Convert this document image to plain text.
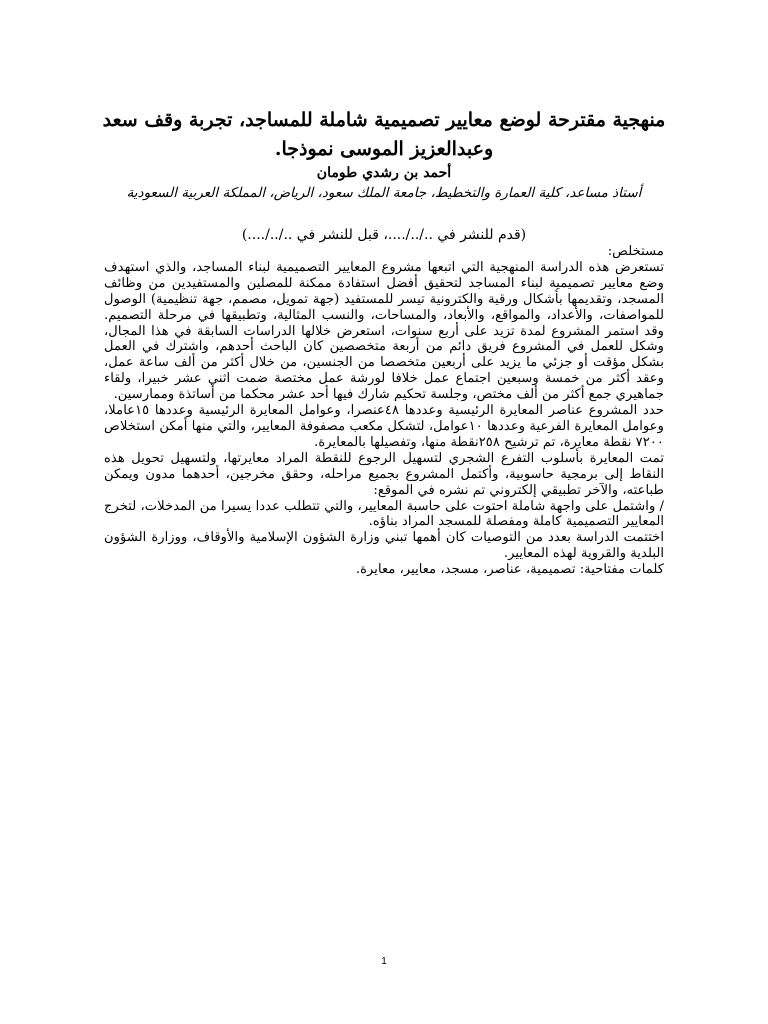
منهجية مقترحة لوضع معايير تصميمية شاملة للمساجد، تجربة وقف سعد وعبدالعزيز الموسى نموذجا.
أحمد بن رشدي طومان
أستاذ مساعد، كلية العمارة والتخطيط، جامعة الملك سعود، الرياض، المملكة العربية السعودية
(قدم للنشر في ../../....، قبل للنشر في ../../....)

مستخلص:

تستعرض هذه الدراسة المنهجية التي اتبعها مشروع المعايير التصميمية لبناء المساجد، والذي استهدف وضع معايير تصميمية لبناء المساجد لتحقيق أفضل استفادة ممكنة للمصلين والمستفيدين من وظائف المسجد، وتقديمها بأشكال ورقية والكترونية تيسر للمستفيد (جهة تمويل، مصمم، جهة تنظيمية) الوصول للمواصفات، والأعداد، والمواقع، والأبعاد، والمساحات، والنسب المثالية، وتطبيقها في مرحلة التصميم. وقد استمر المشروع لمدة تزيد على أربع سنوات، استعرض خلالها الدراسات السابقة في هذا المجال، وشكل للعمل في المشروع فريق دائم من أربعة متخصصين كان الباحث أحدهم، واشترك في العمل بشكل مؤقت أو جزئي ما يزيد على أربعين متخصصا من الجنسين، من خلال أكثر من ألف ساعة عمل، وعقد أكثر من خمسة وسبعين اجتماع عمل خلافا لورشة عمل مختصة ضمت اثني عشر خبيرا، ولقاء جماهيري جمع أكثر من ألف مختص، وجلسة تحكيم شارك فيها أحد عشر محكما من أساتذة وممارسين.

حدد المشروع عناصر المعايرة الرئيسية وعددها ٤٨عنصرا، وعوامل المعايرة الرئيسية وعددها ١٥عاملا، وعوامل المعايرة الفرعية وعددها ١٠عوامل، لتشكل مكعب مصفوفة المعايير، والتي منها أمكن استخلاص ٧٢٠٠ نقطة معايرة، تم ترشيح ٢٥٨نقطة منها، وتفصيلها بالمعايرة.

تمت المعايرة بأسلوب التفرع الشجري لتسهيل الرجوع للنقطة المراد معايرتها، ولتسهيل تحويل هذه النقاط إلى برمجية حاسوبية، وأكتمل المشروع بجميع مراحله، وحقق مخرجين، أحدهما مدون ويمكن طباعته، والآخر تطبيقي إلكتروني تم نشره في الموقع:

/ واشتمل على واجهة شاملة احتوت على حاسبة المعايير، والتي تتطلب عددا يسيرا من المدخلات، لتخرج المعايير التصميمية كاملة ومفصلة للمسجد المراد بناؤه.

اختتمت الدراسة بعدد من التوصيات كان أهمها تبني وزارة الشؤون الإسلامية والأوقاف، ووزارة الشؤون البلدية والقروية لهذه المعايير.

كلمات مفتاحية: تصميمية، عناصر، مسجد، معايير، معايرة.

1
